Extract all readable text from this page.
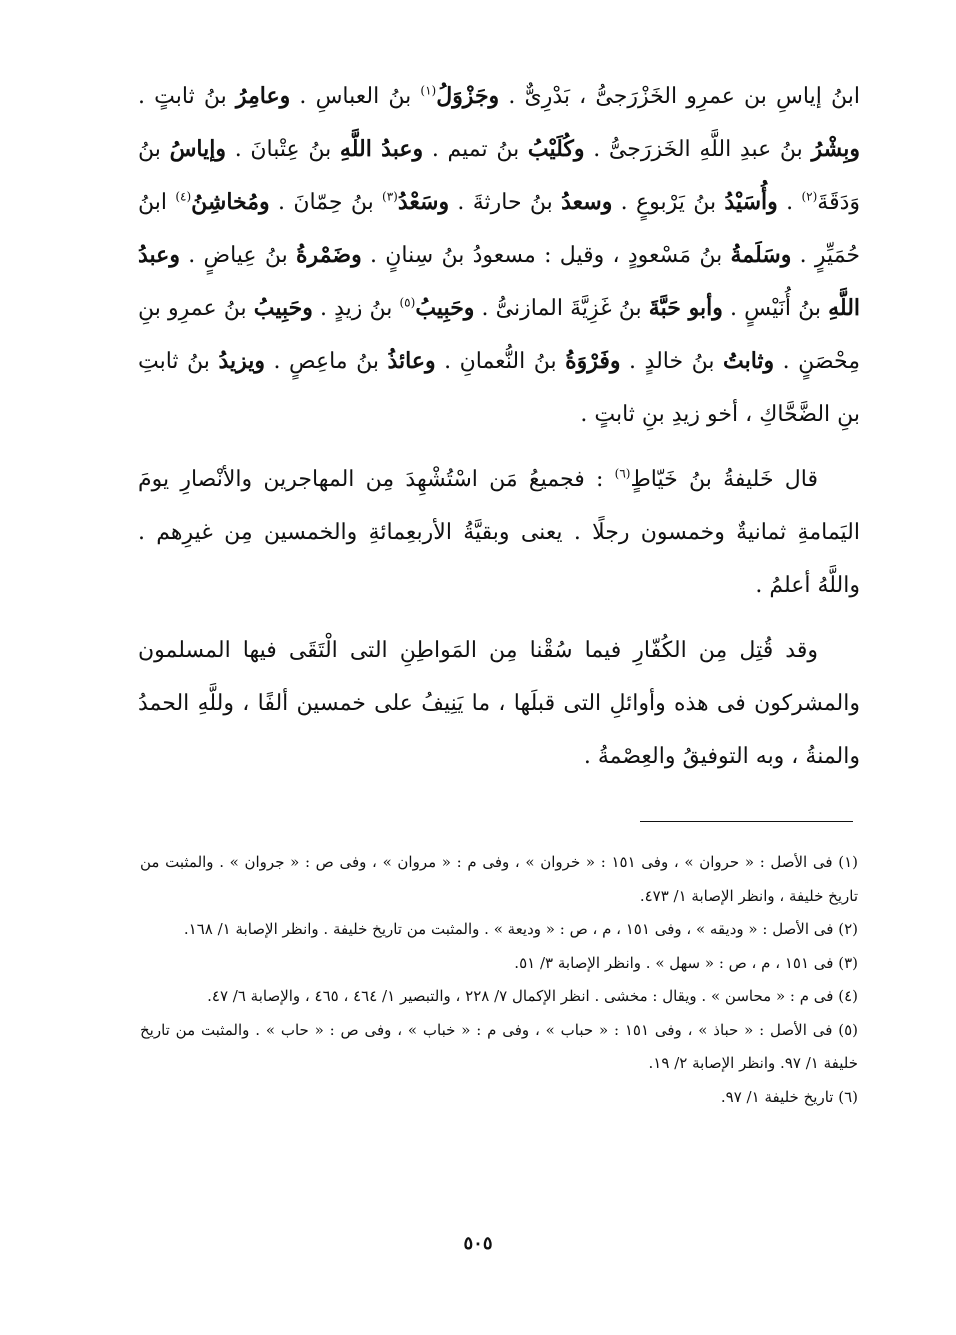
ابنُ إياسِ بن عمرِو الخَزْرَجىُّ ، بَدْرِىٌّ . وجَزْوَلُ$^{(١)}$ بنُ العباسِ . وعامِرُ بنُ ثابتٍ . وبِشْرُ بنُ عبدِ اللَّهِ الخَزرَجىُّ . وكُلَيْبُ بنُ تميم . وعبدُ اللَّهِ بنُ عِتْبانَ . وإياسُ بنُ وَدَقَةَ$^{(٢)}$ . وأُسَيْدُ بنُ يَرْبوعٍ . وسعدُ بنُ حارثةَ . وسَعْدُ$^{(٣)}$ بنُ حِمّانَ . ومُخاشِنُ$^{(٤)}$ ابنُ حُمَيِّرٍ . وسَلَمةُ بنُ مَسْعودٍ ، وقيل : مسعودُ بنُ سِنانٍ . وضَمْرةُ بنُ عِياضٍ . وعبدُ اللَّهِ بنُ أُنَيْسٍ . وأبو حَبَّةَ بنُ غَزِيَّةَ المازنىُّ . وحَبِيبُ$^{(٥)}$ بنُ زيدٍ . وحَبِيبُ بنُ عمرِو بنِ مِحْصَنٍ . وثابتُ بنُ خالدٍ . وفَرْوَةُ بنُ النُّعمانِ . وعائذُ بنُ ماعِصٍ . ويزيدُ بنُ ثابتِ بنِ الضَّحَّاكِ ، أخو زيدِ بنِ ثابتٍ .

قال خَليفةُ بنُ خَيّاطٍ$^{(٦)}$ : فجميعُ مَن اسْتُشْهِدَ مِن المهاجرين والأنْصارِ يومَ اليَمامةِ ثمانيةٌ وخمسون رجلًا . يعنى وبقيَّةُ الأربعِمائةِ والخمسين مِن غيرِهم . واللَّهُ أعلمُ .

وقد قُتِل مِن الكُفّارِ فيما سُقْنا مِن المَواطِنِ التى الْتَقَى فيها المسلمون والمشركون فى هذه وأوائلِ التى قبلَها ، ما يَنِيفُ على خمسين ألفًا ، وللَّهِ الحمدُ والمنةُ ، وبه التوفيقُ والعِصْمةُ .

(١) فى الأصل : « حروان » ، وفى ١٥١ : « خروان » ، وفى م : « مروان » ، وفى ص : « جروان » . والمثبت من تاريخ خليفة ، وانظر الإصابة ١/ ٤٧٣.

(٢) فى الأصل : « وديقه » ، وفى ١٥١ ، م ، ص : « وديعة » . والمثبت من تاريخ خليفة . وانظر الإصابة ١/ ١٦٨.

(٣) فى ١٥١ ، م ، ص : « سهل » . وانظر الإصابة ٣/ ٥١.

(٤) فى م : « محاسن » . ويقال : مخشى . انظر الإكمال ٧/ ٢٢٨ ، والتبصير ١/ ٤٦٤ ، ٤٦٥ ، والإصابة ٦/ ٤٧.

(٥) فى الأصل : « حباذ » ، وفى ١٥١ : « حباب » ، وفى م : « خباب » ، وفى ص : « حاب » . والمثبت من تاريخ خليفة ١/ ٩٧. وانظر الإصابة ٢/ ١٩.

(٦) تاريخ خليفة ١/ ٩٧.

٥٠٥
